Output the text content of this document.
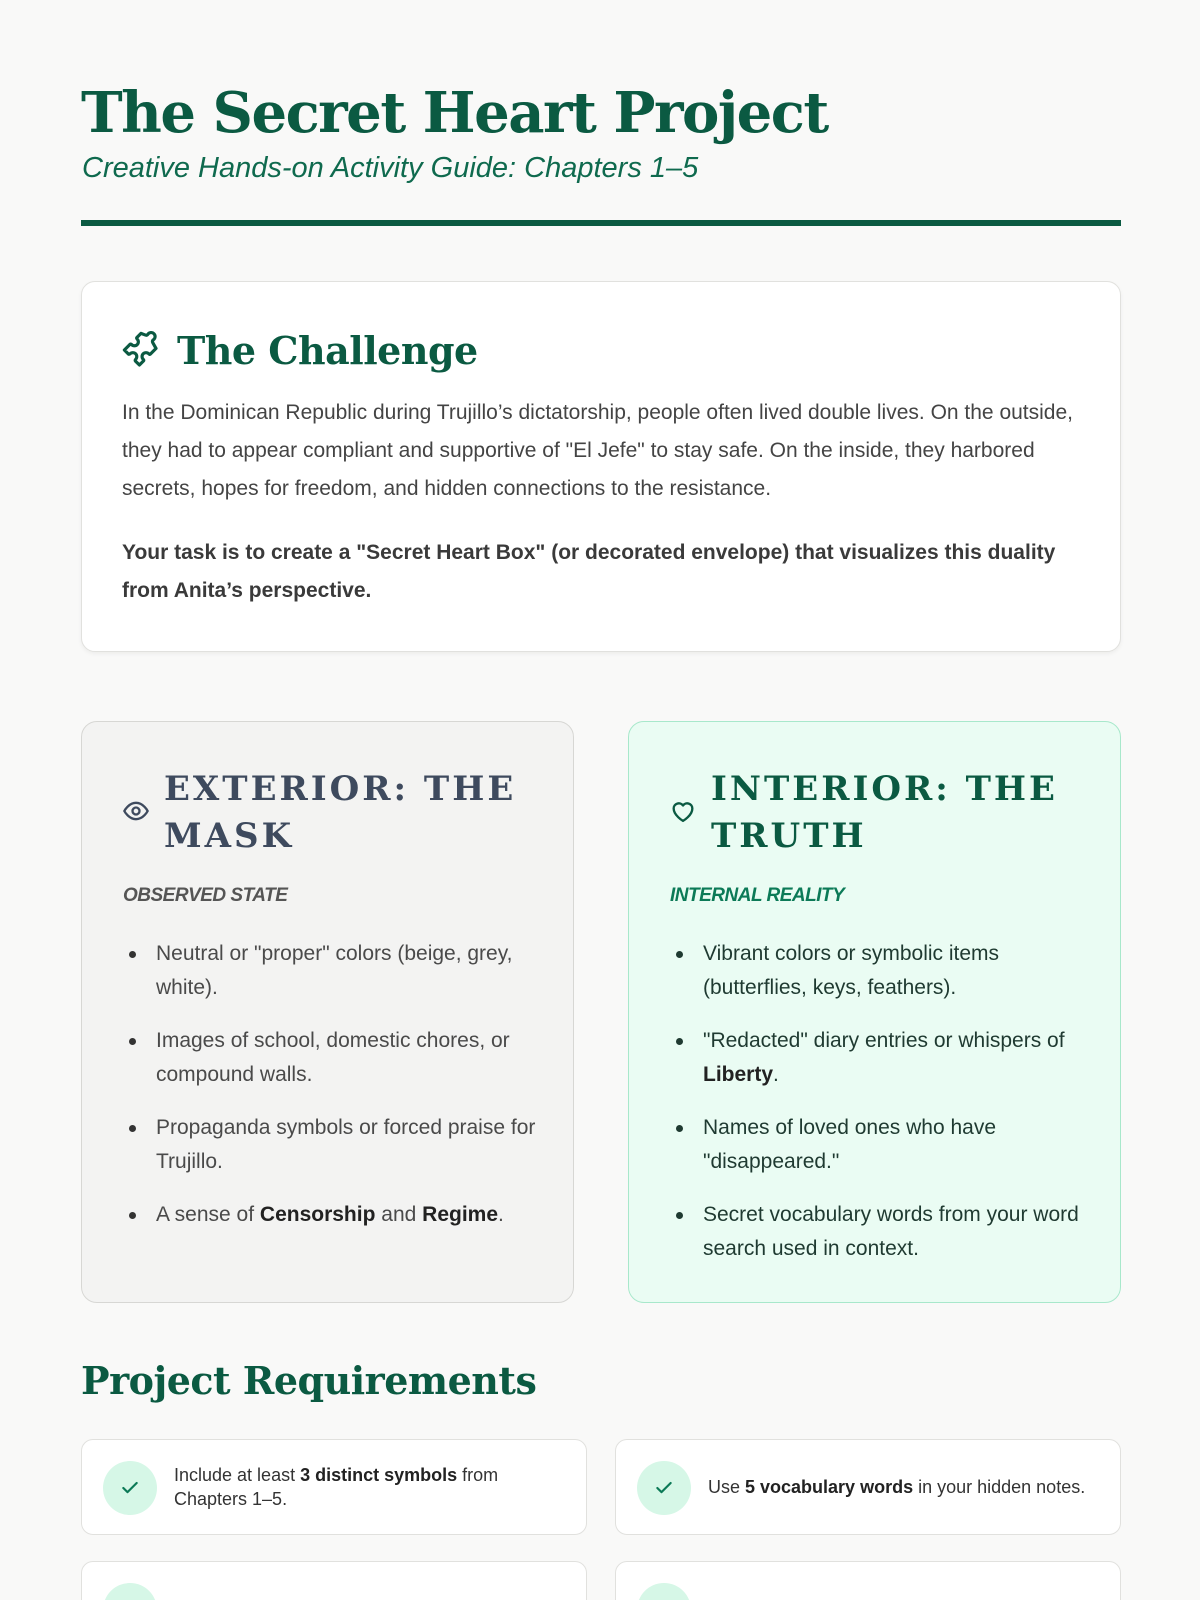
The Secret Heart Project
Creative Hands-on Activity Guide: Chapters 1–5
The Challenge

In the Dominican Republic during Trujillo’s dictatorship, people often lived double lives. On the outside, they had to appear compliant and supportive of "El Jefe" to stay safe. On the inside, they harbored secrets, hopes for freedom, and hidden connections to the resistance.

Your task is to create a "Secret Heart Box" (or decorated envelope) that visualizes this duality from Anita’s perspective.

EXTERIOR: THE MASK
OBSERVED STATE
Neutral or "proper" colors (beige, grey, white).
Images of school, domestic chores, or compound walls.
Propaganda symbols or forced praise for Trujillo.
A sense of Censorship and Regime.
INTERIOR: THE TRUTH
INTERNAL REALITY
Vibrant colors or symbolic items (butterflies, keys, feathers).
"Redacted" diary entries or whispers of Liberty.
Names of loved ones who have "disappeared."
Secret vocabulary words from your word search used in context.
Project Requirements
Include at least 3 distinct symbols from Chapters 1–5.
Use 5 vocabulary words in your hidden notes.
